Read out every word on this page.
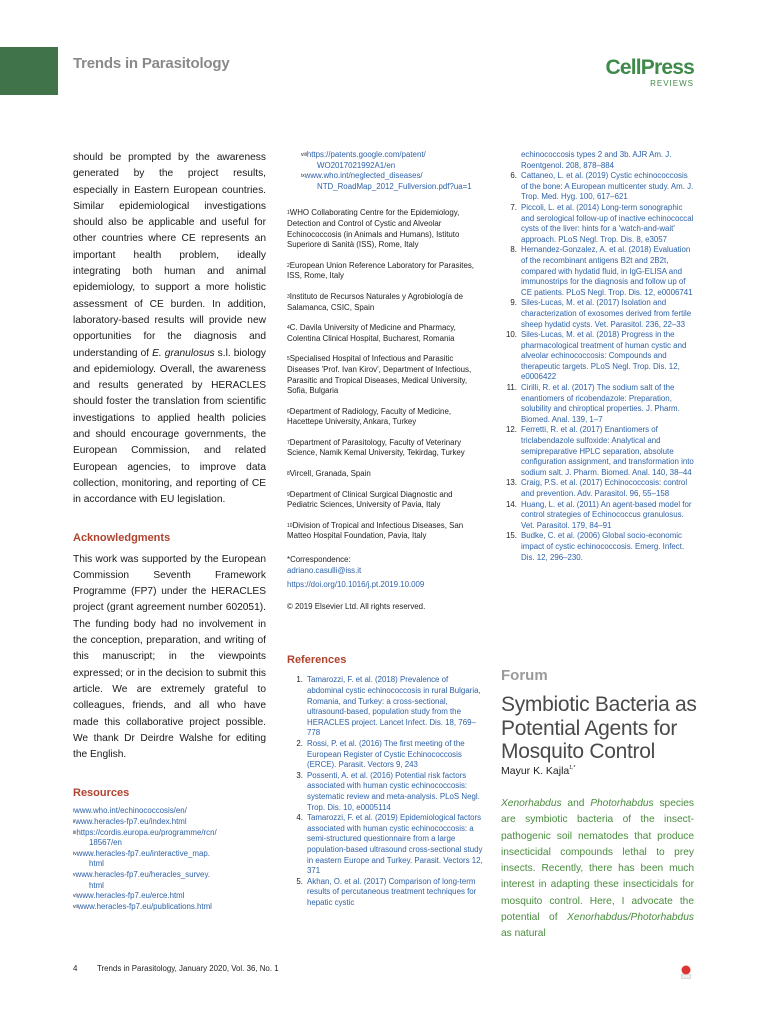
Trends in Parasitology	CellPress
REVIEWS

should be prompted by the awareness generated by the project results, especially in Eastern European countries. Similar epidemiological investigations should also be applicable and useful for other countries where CE represents an important health problem, ideally integrating both human and animal epidemiology, to support a more holistic assessment of CE burden. In addition, laboratory-based results will provide new opportunities for the diagnosis and understanding of E. granulosus s.l. biology and epidemiology. Overall, the awareness and results generated by HERACLES should foster the translation from scientific investigations to applied health policies and should encourage governments, the European Commission, and related European agencies, to improve data collection, monitoring, and reporting of CE in accordance with EU legislation.

Acknowledgments

This work was supported by the European Commission Seventh Framework Programme (FP7) under the HERACLES project (grant agreement number 602051). The funding body had no involvement in the conception, preparation, and writing of this manuscript; in the viewpoints expressed; or in the decision to submit this article. We are extremely grateful to colleagues, friends, and all who have made this collaborative project possible. We thank Dr Deirdre Walshe for editing the English.

Resources

$^i$www.who.int/echinococcosis/en/
$^{ii}$www.heracles-fp7.eu/index.html
$^{iii}$https://cordis.europa.eu/programme/rcn/
18567/en
$^{iv}$www.heracles-fp7.eu/interactive_map.
html
$^v$www.heracles-fp7.eu/heracles_survey.
html
$^{vi}$www.heracles-fp7.eu/erce.html
$^{vii}$www.heracles-fp7.eu/publications.html
$^{viii}$https://patents.google.com/patent/
WO2017021992A1/en
$^{ix}$www.who.int/neglected_diseases/
NTD_RoadMap_2012_Fullversion.pdf?ua=1

$^1$WHO Collaborating Centre for the Epidemiology, Detection and Control of Cystic and Alveolar Echinococcosis (in Animals and Humans), Istituto Superiore di Sanità (ISS), Rome, Italy

$^2$European Union Reference Laboratory for Parasites, ISS, Rome, Italy

$^3$Instituto de Recursos Naturales y Agrobiología de Salamanca, CSIC, Spain

$^4$C. Davila University of Medicine and Pharmacy, Colentina Clinical Hospital, Bucharest, Romania

$^5$Specialised Hospital of Infectious and Parasitic Diseases 'Prof. Ivan Kirov', Department of Infectious, Parasitic and Tropical Diseases, Medical University, Sofia, Bulgaria

$^6$Department of Radiology, Faculty of Medicine, Hacettepe University, Ankara, Turkey

$^7$Department of Parasitology, Faculty of Veterinary Science, Namik Kemal University, Tekirdag, Turkey

$^8$Vircell, Granada, Spain

$^9$Department of Clinical Surgical Diagnostic and Pediatric Sciences, University of Pavia, Italy

$^{10}$Division of Tropical and Infectious Diseases, San Matteo Hospital Foundation, Pavia, Italy

*Correspondence:

adriano.casulli@iss.it

https://doi.org/10.1016/j.pt.2019.10.009

© 2019 Elsevier Ltd. All rights reserved.

References

1. Tamarozzi, F. et al. (2018) Prevalence of abdominal cystic echinococcosis in rural Bulgaria, Romania, and Turkey: a cross-sectional, ultrasound-based, population study from the HERACLES project. Lancet Infect. Dis. 18, 769–778
2. Rossi, P. et al. (2016) The first meeting of the European Register of Cystic Echinococcosis (ERCE). Parasit. Vectors 9, 243
3. Possenti, A. et al. (2016) Potential risk factors associated with human cystic echinococcosis: systematic review and meta-analysis. PLoS Negl. Trop. Dis. 10, e0005114
4. Tamarozzi, F. et al. (2019) Epidemiological factors associated with human cystic echinococcosis: a semi-structured questionnaire from a large population-based ultrasound cross-sectional study in eastern Europe and Turkey. Parasit. Vectors 12, 371
5. Akhan, O. et al. (2017) Comparison of long-term results of percutaneous treatment techniques for hepatic cystic
echinococcosis types 2 and 3b. AJR Am. J. Roentgenol. 208, 878–884
6. Cattaneo, L. et al. (2019) Cystic echinococcosis of the bone: A European multicenter study. Am. J. Trop. Med. Hyg. 100, 617–621
7. Piccoli, L. et al. (2014) Long-term sonographic and serological follow-up of inactive echinococcal cysts of the liver: hints for a 'watch-and-wait' approach. PLoS Negl. Trop. Dis. 8, e3057
8. Hernandez-Gonzalez, A. et al. (2018) Evaluation of the recombinant antigens B2t and 2B2t, compared with hydatid fluid, in IgG-ELISA and immunostrips for the diagnosis and follow up of CE patients. PLoS Negl. Trop. Dis. 12, e0006741
9. Siles-Lucas, M. et al. (2017) Isolation and characterization of exosomes derived from fertile sheep hydatid cysts. Vet. Parasitol. 236, 22–33
10. Siles-Lucas, M. et al. (2018) Progress in the pharmacological treatment of human cystic and alveolar echinococcosis: Compounds and therapeutic targets. PLoS Negl. Trop. Dis. 12, e0006422
11. Cirilli, R. et al. (2017) The sodium salt of the enantiomers of ricobendazole: Preparation, solubility and chiroptical properties. J. Pharm. Biomed. Anal. 139, 1–7
12. Ferretti, R. et al. (2017) Enantiomers of triclabendazole sulfoxide: Analytical and semipreparative HPLC separation, absolute configuration assignment, and transformation into sodium salt. J. Pharm. Biomed. Anal. 140, 38–44
13. Craig, P.S. et al. (2017) Echinococcosis: control and prevention. Adv. Parasitol. 96, 55–158
14. Huang, L. et al. (2011) An agent-based model for control strategies of Echinococcus granulosus. Vet. Parasitol. 179, 84–91
15. Budke, C. et al. (2006) Global socio-economic impact of cystic echinococcosis. Emerg. Infect. Dis. 12, 296–230.
Forum
Symbiotic Bacteria as Potential Agents for Mosquito Control
Mayur K. Kajla$^{1,*}$

Xenorhabdus and Photorhabdus species are symbiotic bacteria of the insect-pathogenic soil nematodes that produce insecticidal compounds lethal to prey insects. Recently, there has been much interest in adapting these insecticidals for mosquito control. Here, I advocate the potential of Xenorhabdus/Photorhabdus as natural

4 Trends in Parasitology, January 2020, Vol. 36, No. 1
